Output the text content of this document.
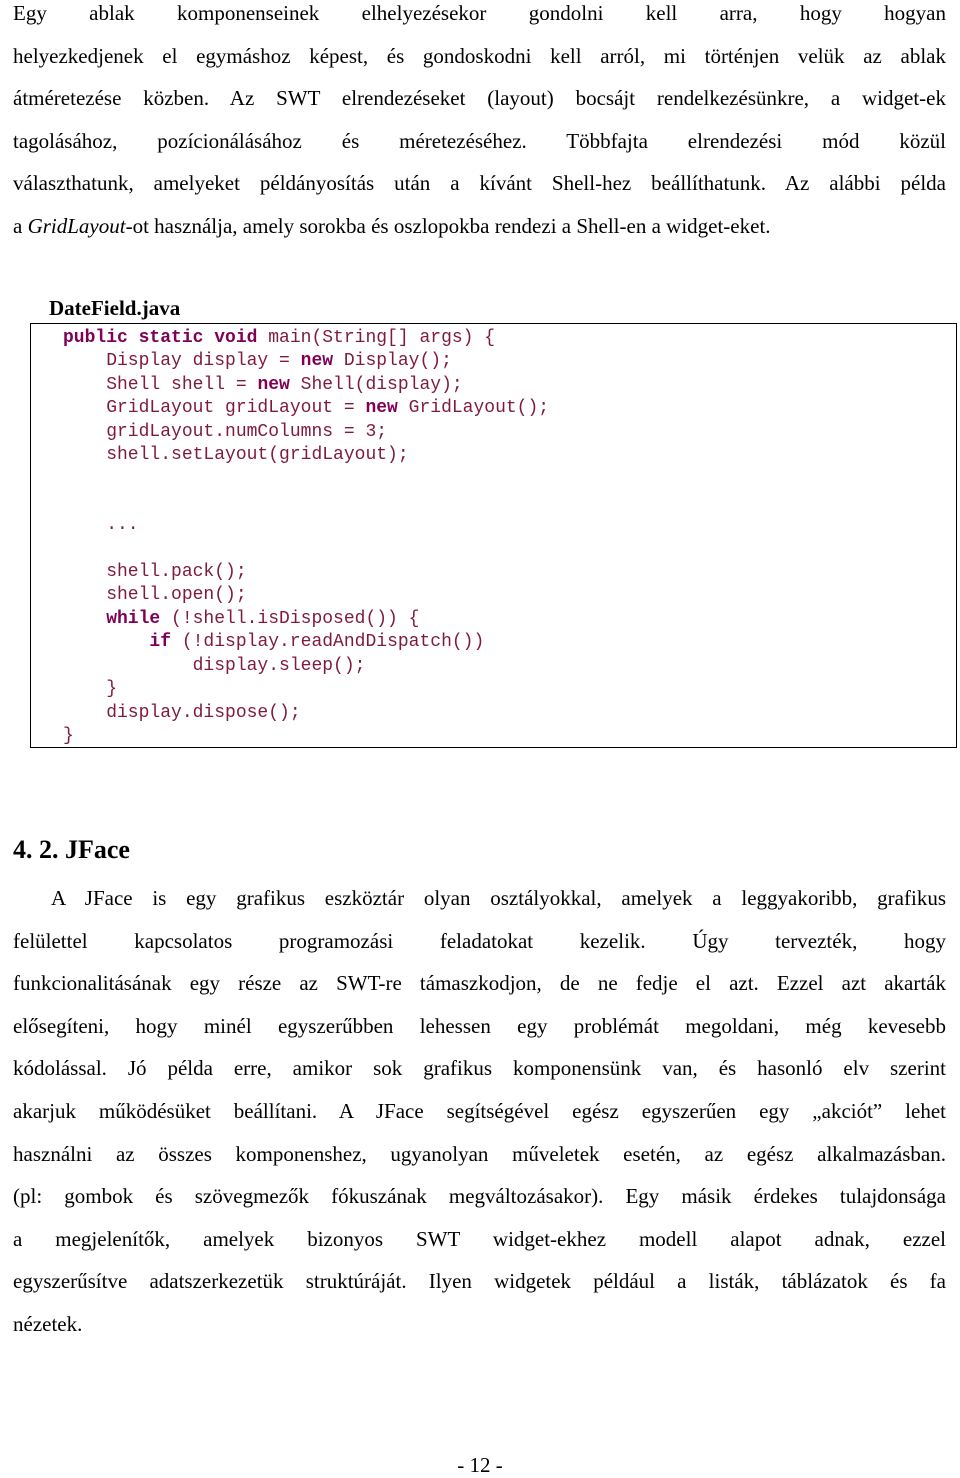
Egy ablak komponenseinek elhelyezésekor gondolni kell arra, hogy hogyan
helyezkedjenek el egymáshoz képest, és gondoskodni kell arról, mi történjen velük az ablak
átméretezése közben. Az SWT elrendezéseket (layout) bocsájt rendelkezésünkre, a widget-ek
tagolásához, pozícionálásához és méretezéséhez. Többfajta elrendezési mód közül
választhatunk, amelyeket példányosítás után a kívánt Shell-hez beállíthatunk. Az alábbi példa
a GridLayout-ot használja, amely sorokba és oszlopokba rendezi a Shell-en a widget-eket.
DateField.java
public static void main(String[] args) {
Display display = new Display();
Shell shell = new Shell(display);
GridLayout gridLayout = new GridLayout();
gridLayout.numColumns = 3;
shell.setLayout(gridLayout);

...

shell.pack();
shell.open();
while (!shell.isDisposed()) {
if (!display.readAndDispatch())
display.sleep();
}
display.dispose();
}

4. 2. JFace
A JFace is egy grafikus eszköztár olyan osztályokkal, amelyek a leggyakoribb, grafikus
felülettel kapcsolatos programozási feladatokat kezelik. Úgy tervezték, hogy
funkcionalitásának egy része az SWT-re támaszkodjon, de ne fedje el azt. Ezzel azt akarták
elősegíteni, hogy minél egyszerűbben lehessen egy problémát megoldani, még kevesebb
kódolással. Jó példa erre, amikor sok grafikus komponensünk van, és hasonló elv szerint
akarjuk működésüket beállítani. A JFace segítségével egész egyszerűen egy „akciót” lehet
használni az összes komponenshez, ugyanolyan műveletek esetén, az egész alkalmazásban.
(pl: gombok és szövegmezők fókuszának megváltozásakor). Egy másik érdekes tulajdonsága
a megjelenítők, amelyek bizonyos SWT widget-ekhez modell alapot adnak, ezzel
egyszerűsítve adatszerkezetük struktúráját. Ilyen widgetek például a listák, táblázatok és fa
nézetek.
- 12 -
